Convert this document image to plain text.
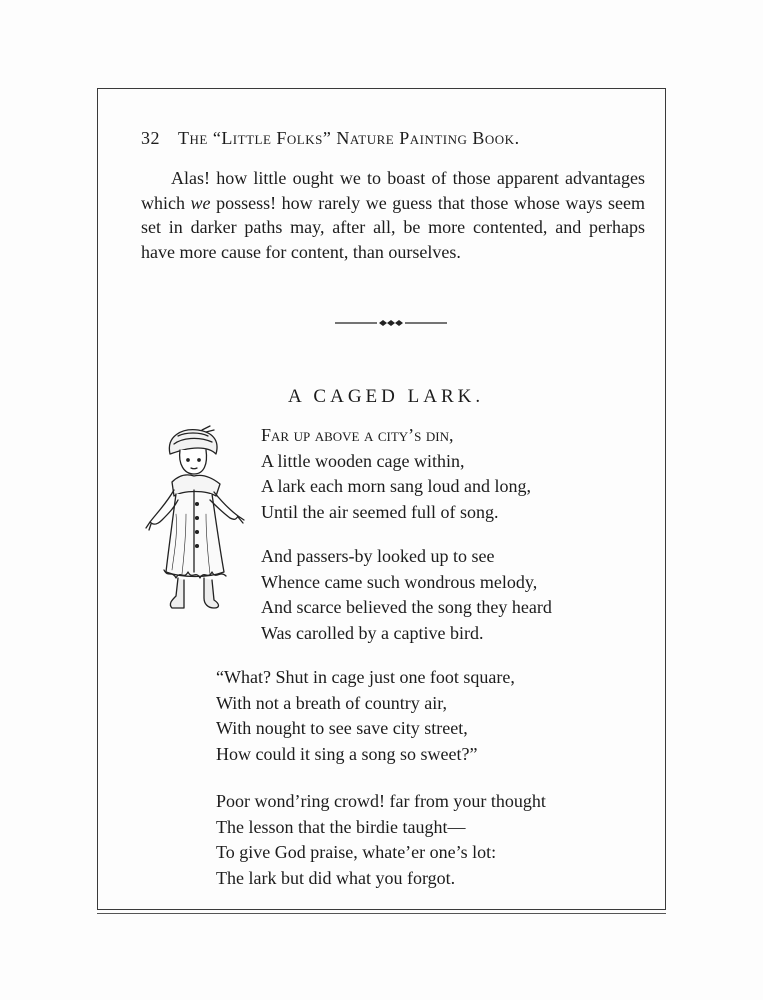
32 The “Little Folks” Nature Painting Book.
Alas! how little ought we to boast of those apparent advantages which we possess! how rarely we guess that those whose ways seem set in darker paths may, after all, be more contented, and perhaps have more cause for content, than ourselves.
A CAGED LARK.
Far up above a city’s din,
A little wooden cage within,
A lark each morn sang loud and long,
Until the air seemed full of song.
And passers-by looked up to see
Whence came such wondrous melody,
And scarce believed the song they heard
Was carolled by a captive bird.
“What? Shut in cage just one foot square,
With not a breath of country air,
With nought to see save city street,
How could it sing a song so sweet?”
Poor wond’ring crowd! far from your thought
The lesson that the birdie taught—
To give God praise, whate’er one’s lot:
The lark but did what you forgot.
